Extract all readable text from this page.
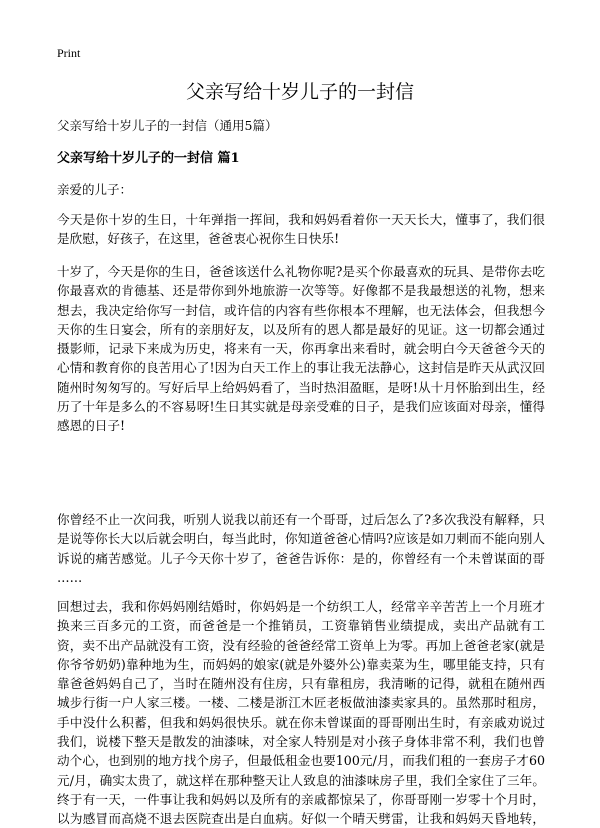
Print
父亲写给十岁儿子的一封信
父亲写给十岁儿子的一封信（通用5篇）
父亲写给十岁儿子的一封信 篇1
亲爱的儿子：

今天是你十岁的生日，十年弹指一挥间，我和妈妈看着你一天天长大，懂事了，我们很是欣慰，好孩子，在这里，爸爸衷心祝你生日快乐!

十岁了，今天是你的生日，爸爸该送什么礼物你呢?是买个你最喜欢的玩具、是带你去吃你最喜欢的肯德基、还是带你到外地旅游一次等等。好像都不是我最想送的礼物，想来想去，我决定给你写一封信，或许信的内容有些你根本不理解，也无法体会，但我想今天你的生日宴会，所有的亲朋好友，以及所有的恩人都是最好的见证。这一切都会通过摄影师，记录下来成为历史，将来有一天，你再拿出来看时，就会明白今天爸爸今天的心情和教育你的良苦用心了!因为白天工作上的事让我无法静心，这封信是昨天从武汉回随州时匆匆写的。写好后早上给妈妈看了，当时热泪盈眶，是呀!从十月怀胎到出生，经历了十年是多么的不容易呀!生日其实就是母亲受难的日子，是我们应该面对母亲，懂得感恩的日子!

你曾经不止一次问我，听别人说我以前还有一个哥哥，过后怎么了?多次我没有解释，只是说等你长大以后就会明白，每当此时，你知道爸爸心情吗?应该是如刀刺而不能向别人诉说的痛苦感觉。儿子今天你十岁了，爸爸告诉你：是的，你曾经有一个未曾谋面的哥

……

回想过去，我和你妈妈刚结婚时，你妈妈是一个纺织工人，经常辛辛苦苦上一个月班才换来三百多元的工资，而爸爸是一个推销员，工资靠销售业绩提成，卖出产品就有工资，卖不出产品就没有工资，没有经验的爸爸经常工资单上为零。再加上爸爸老家(就是你爷爷奶奶)靠种地为生，而妈妈的娘家(就是外婆外公)靠卖菜为生，哪里能支持，只有靠爸爸妈妈自己了，当时在随州没有住房，只有靠租房，我清晰的记得，就租在随州西城步行街一户人家三楼。一楼、二楼是浙江木匠老板做油漆卖家具的。虽然那时租房，手中没什么积蓄，但我和妈妈很快乐。就在你未曾谋面的哥哥刚出生时，有亲戚劝说过我们，说楼下整天是散发的油漆味，对全家人特别是对小孩子身体非常不利，我们也曾动个心，也到别的地方找个房子，但最低租金也要100元/月，而我们租的一套房子才60元/月，确实太贵了，就这样在那种整天让人致息的油漆味房子里，我们全家住了三年。终于有一天，一件事让我和妈妈以及所有的亲戚都惊呆了，你哥哥刚一岁零十个月时，以为感冒而高烧不退去医院查出是白血病。好似一个晴天劈雷，让我和妈妈天昏地转，
